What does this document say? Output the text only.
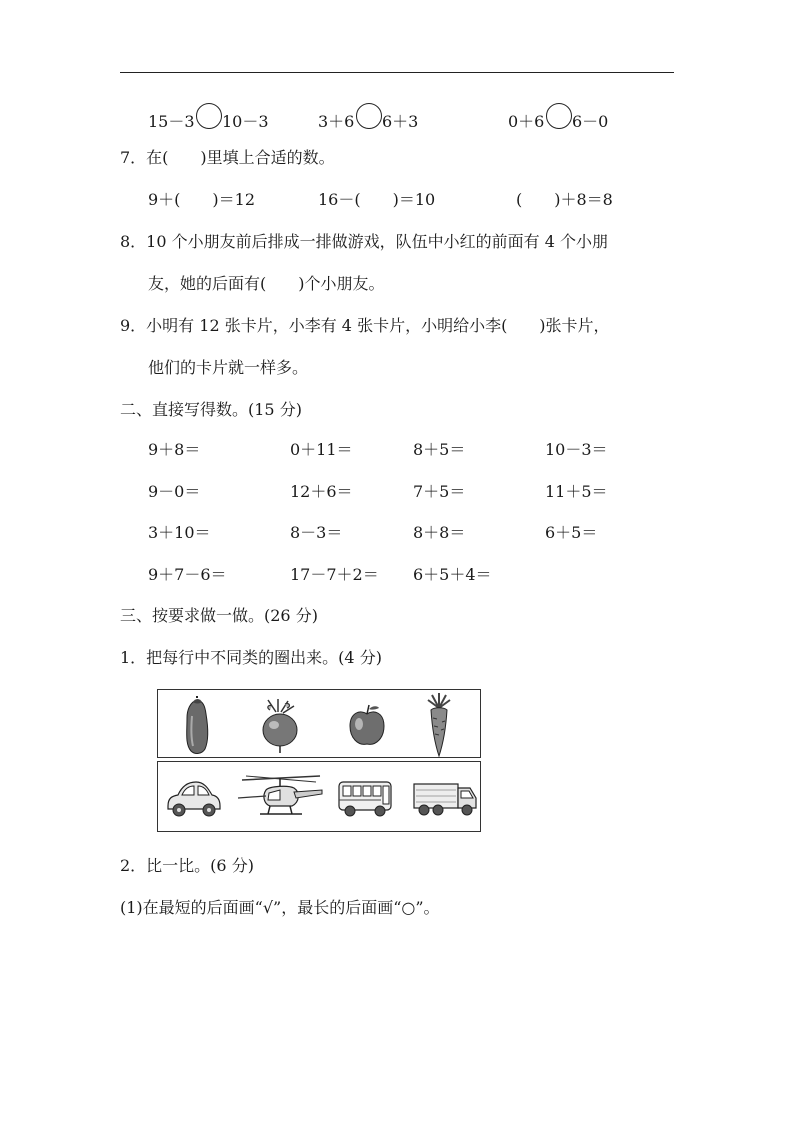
15－3 10－3	3＋6 6＋3	0＋6 6－0
7．在(　　)里填上合适的数。
9＋(　　)＝12	16－(　　)＝10	(　　)＋8＝8
8．10 个小朋友前后排成一排做游戏，队伍中小红的前面有 4 个小朋
友，她的后面有(　　)个小朋友。
9．小明有 12 张卡片，小李有 4 张卡片，小明给小李(　　)张卡片，
他们的卡片就一样多。
二、直接写得数。(15 分)
9＋8＝	0＋11＝	8＋5＝	10－3＝
9－0＝	12＋6＝	7＋5＝	11＋5＝
3＋10＝	8－3＝	8＋8＝	6＋5＝
9＋7－6＝	17－7＋2＝ 6＋5＋4＝
三、按要求做一做。(26 分)
1．把每行中不同类的圈出来。(4 分)
2．比一比。(6 分)
(1)在最短的后面画“√”，最长的后面画“○”。
